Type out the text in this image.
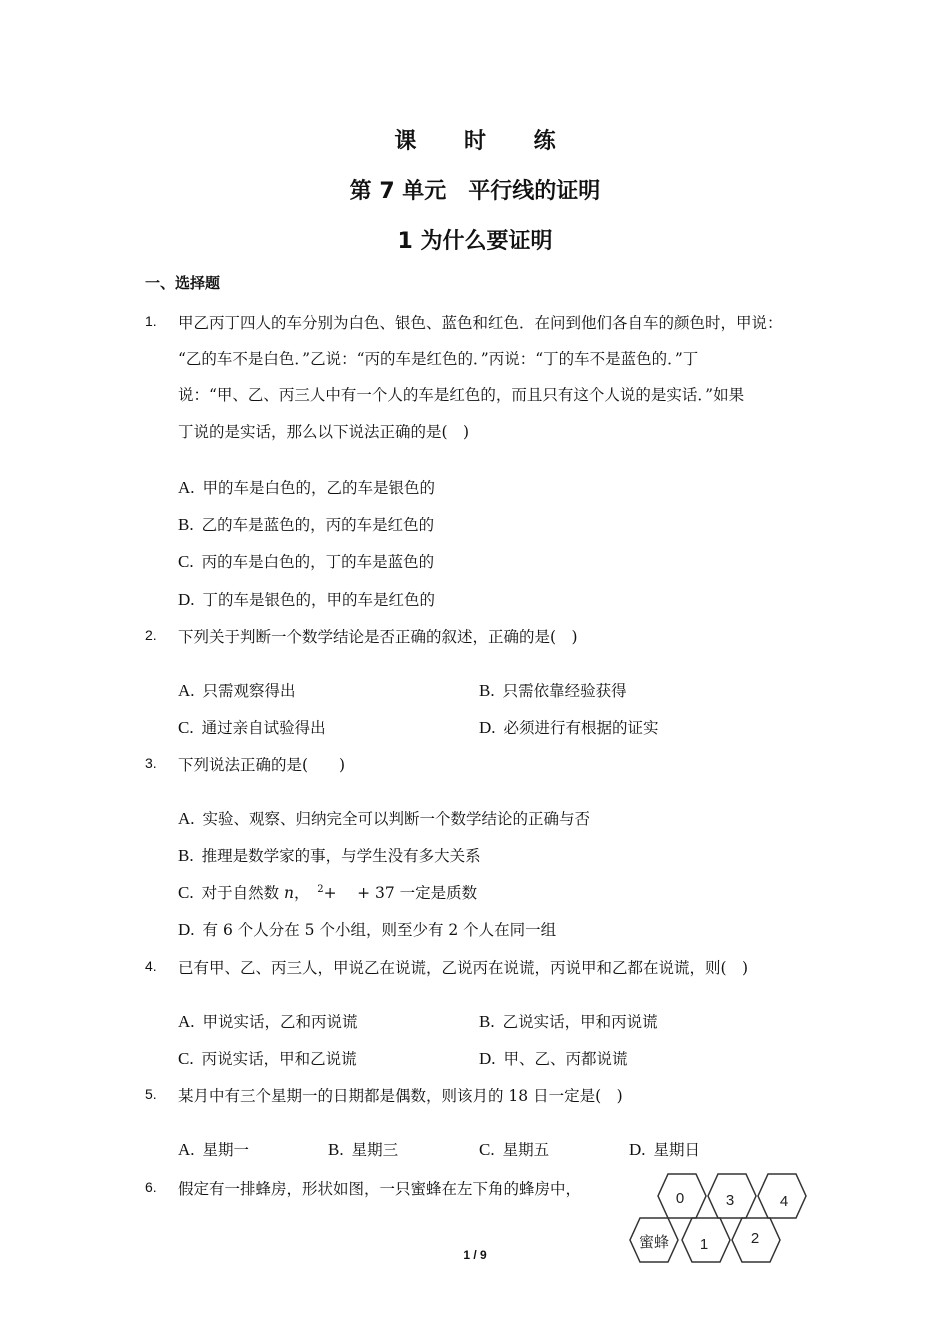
课 时 练
第 7 单元　平行线的证明
1 为什么要证明
一、选择题
1. 甲乙丙丁四人的车分别为白色、银色、蓝色和红色．在问到他们各自车的颜色时，甲说：
“乙的车不是白色．”乙说：“丙的车是红色的．”丙说：“丁的车不是蓝色的．”丁
说：“甲、乙、丙三人中有一个人的车是红色的，而且只有这个人说的是实话．”如果
丁说的是实话，那么以下说法正确的是(　)
A. 甲的车是白色的，乙的车是银色的
B. 乙的车是蓝色的，丙的车是红色的
C. 丙的车是白色的，丁的车是蓝色的
D. 丁的车是银色的，甲的车是红色的
2. 下列关于判断一个数学结论是否正确的叙述，正确的是(　)
A. 只需观察得出	B. 只需依靠经验获得
C. 通过亲自试验得出	D. 必须进行有根据的证实
3. 下列说法正确的是(　　)
A. 实验、观察、归纳完全可以判断一个数学结论的正确与否
B. 推理是数学家的事，与学生没有多大关系
C. 对于自然数 n，　$^2$+　 + 37 一定是质数
D. 有 6 个人分在 5 个小组，则至少有 2 个人在同一组
4. 已有甲、乙、丙三人，甲说乙在说谎，乙说丙在说谎，丙说甲和乙都在说谎，则(　)
A. 甲说实话，乙和丙说谎	B. 乙说实话，甲和丙说谎
C. 丙说实话，甲和乙说谎	D. 甲、乙、丙都说谎
5. 某月中有三个星期一的日期都是偶数，则该月的 18 日一定是(　)
A. 星期一	B. 星期三	C. 星期五	D. 星期日
6. 假定有一排蜂房，形状如图，一只蜜蜂在左下角的蜂房中，
0	3	4
1	2
蜜蜂
1 / 9
